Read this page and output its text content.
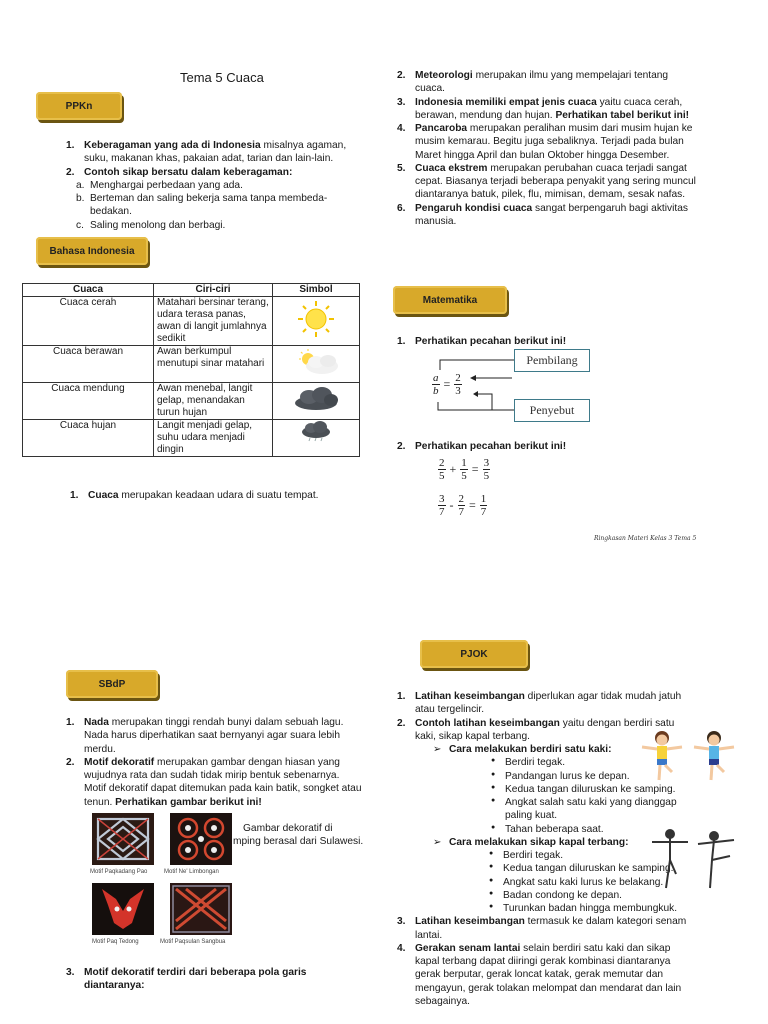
Tema 5 Cuaca
PPKn
1. Keberagaman yang ada di Indonesia misalnya agaman, suku, makanan khas, pakaian adat, tarian dan lain-lain.
2. Contoh sikap bersatu dalam keberagaman:
a. Menghargai perbedaan yang ada.
b. Berteman dan saling bekerja sama tanpa membeda-bedakan.
c. Saling menolong dan berbagi.
Bahasa Indonesia
Cuaca	Ciri-ciri	Simbol
Cuaca cerah	Matahari bersinar terang, udara terasa panas, awan di langit jumlahnya sedikit	
Cuaca berawan	Awan berkumpul menutupi sinar matahari	
Cuaca mendung	Awan menebal, langit gelap, menandakan turun hujan	
Cuaca hujan	Langit menjadi gelap, suhu udara menjadi dingin	
1. Cuaca merupakan keadaan udara di suatu tempat.
2. Meteorologi merupakan ilmu yang mempelajari tentang cuaca.
3. Indonesia memiliki empat jenis cuaca yaitu cuaca cerah, berawan, mendung dan hujan. Perhatikan tabel berikut ini!
4. Pancaroba merupakan peralihan musim dari musim hujan ke musim kemarau. Begitu juga sebaliknya. Terjadi pada bulan Maret hingga April dan bulan Oktober hingga Desember.
5. Cuaca ekstrem merupakan perubahan cuaca terjadi sangat cepat. Biasanya terjadi beberapa penyakit yang sering muncul diantaranya batuk, pilek, flu, mimisan, demam, sesak nafas.
6. Pengaruh kondisi cuaca sangat berpengaruh bagi aktivitas manusia.
Matematika
1. Perhatikan pecahan berikut ini!
$\frac{a}{b} = \frac{2}{3}$
Pembilang
Penyebut
2. Perhatikan pecahan berikut ini!
$\frac{2}{5} + \frac{1}{5} = \frac{3}{5}$
$\frac{3}{7} - \frac{2}{7} = \frac{1}{7}$
Ringkasan Materi Kelas 3 Tema 5
PJOK
1. Latihan keseimbangan diperlukan agar tidak mudah jatuh atau tergelincir.
2. Contoh latihan keseimbangan yaitu dengan berdiri satu kaki, sikap kapal terbang.
➢ Cara melakukan berdiri satu kaki:
● Berdiri tegak.
● Pandangan lurus ke depan.
● Kedua tangan diluruskan ke samping.
● Angkat salah satu kaki yang dianggap paling kuat.
● Tahan beberapa saat.
➢ Cara melakukan sikap kapal terbang:
● Berdiri tegak.
● Kedua tangan diluruskan ke samping.
● Angkat satu kaki lurus ke belakang.
● Badan condong ke depan.
● Turunkan badan hingga membungkuk.
3. Latihan keseimbangan termasuk ke dalam kategori senam lantai.
4. Gerakan senam lantai selain berdiri satu kaki dan sikap kapal terbang dapat diiringi gerak kombinasi diantaranya gerak berputar, gerak loncat katak, gerak memutar dan mengayun, gerak tolakan melompat dan mendarat dan lain sebagainya.
SBdP
1. Nada merupakan tinggi rendah bunyi dalam sebuah lagu. Nada harus diperhatikan saat bernyanyi agar suara lebih merdu.
2. Motif dekoratif merupakan gambar dengan hiasan yang wujudnya rata dan sudah tidak mirip bentuk sebenarnya. Motif dekoratif dapat ditemukan pada kain batik, songket atau tenun. Perhatikan gambar berikut ini!
Gambar dekoratif di
mping berasal dari Sulawesi.
Motif Paqkadang Pao	Motif Ne' Limbongan
Motif Paq Tedong	Motif Paqsulan Sangbua
3. Motif dekoratif terdiri dari beberapa pola garis diantaranya:
